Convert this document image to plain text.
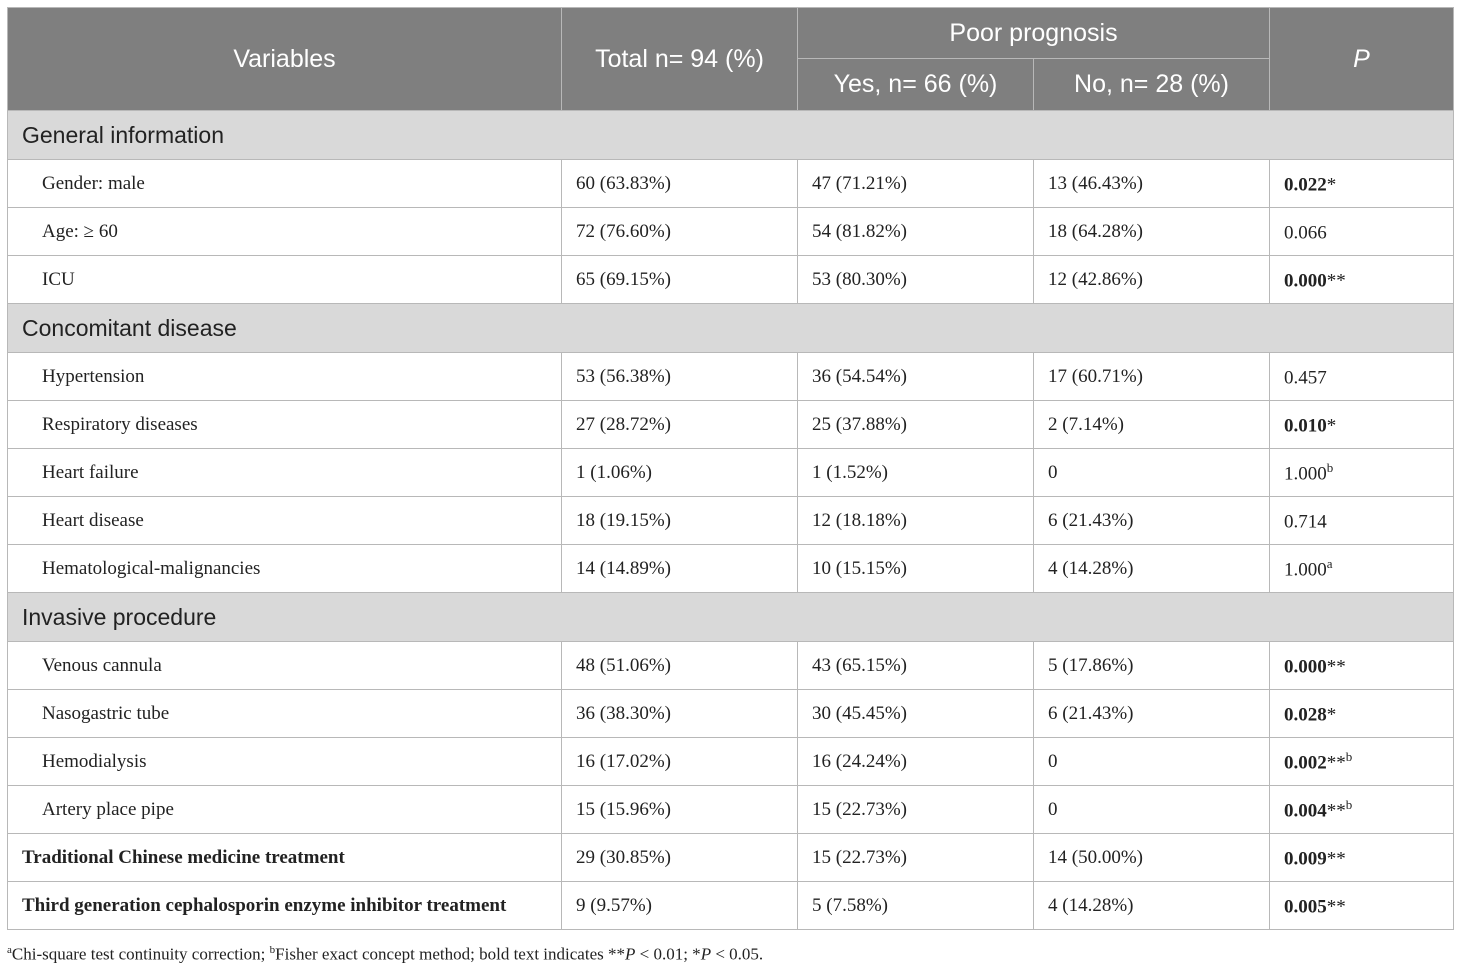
Variables	Total n= 94 (%)	Poor prognosis		P
		Yes, n= 66 (%)	No, n= 28 (%)	
General information				
Gender: male	60 (63.83%)	47 (71.21%)	13 (46.43%)	0.022*
Age: ≥ 60	72 (76.60%)	54 (81.82%)	18 (64.28%)	0.066
ICU	65 (69.15%)	53 (80.30%)	12 (42.86%)	0.000**
Concomitant disease				
Hypertension	53 (56.38%)	36 (54.54%)	17 (60.71%)	0.457
Respiratory diseases	27 (28.72%)	25 (37.88%)	2 (7.14%)	0.010*
Heart failure	1 (1.06%)	1 (1.52%)	0	1.000$^b$
Heart disease	18 (19.15%)	12 (18.18%)	6 (21.43%)	0.714
Hematological-malignancies	14 (14.89%)	10 (15.15%)	4 (14.28%)	1.000$^a$
Invasive procedure				
Venous cannula	48 (51.06%)	43 (65.15%)	5 (17.86%)	0.000**
Nasogastric tube	36 (38.30%)	30 (45.45%)	6 (21.43%)	0.028*
Hemodialysis	16 (17.02%)	16 (24.24%)	0	0.002**$^b$
Artery place pipe	15 (15.96%)	15 (22.73%)	0	0.004**$^b$
Traditional Chinese medicine treatment	29 (30.85%)	15 (22.73%)	14 (50.00%)	0.009**
Third generation cephalosporin enzyme inhibitor treatment	9 (9.57%)	5 (7.58%)	4 (14.28%)	0.005**
$^a$Chi-square test continuity correction; $^b$Fisher exact concept method; bold text indicates **P < 0.01; *P < 0.05.
